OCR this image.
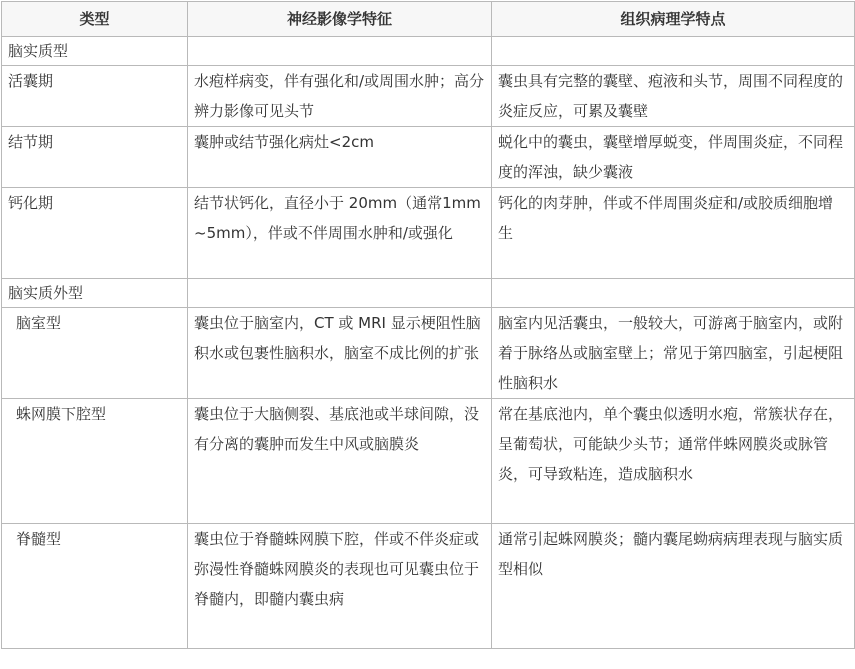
类型	神经影像学特征	组织病理学特点
脑实质型		
活囊期	水疱样病变，伴有强化和/或周围水肿；高分辨力影像可见头节	囊虫具有完整的囊壁、疱液和头节，周围不同程度的炎症反应，可累及囊壁
结节期	囊肿或结节强化病灶<2cm	蜕化中的囊虫，囊壁增厚蜕变，伴周围炎症，不同程度的浑浊，缺少囊液
钙化期	结节状钙化，直径小于 20mm（通常1mm~5mm），伴或不伴周围水肿和/或强化	钙化的肉芽肿，伴或不伴周围炎症和/或胶质细胞增生
脑实质外型		
脑室型	囊虫位于脑室内，CT 或 MRI 显示梗阻性脑积水或包裹性脑积水，脑室不成比例的扩张	脑室内见活囊虫，一般较大，可游离于脑室内，或附着于脉络丛或脑室壁上；常见于第四脑室，引起梗阻性脑积水
蛛网膜下腔型	囊虫位于大脑侧裂、基底池或半球间隙，没有分离的囊肿而发生中风或脑膜炎	常在基底池内，单个囊虫似透明水疱，常簇状存在，呈葡萄状，可能缺少头节；通常伴蛛网膜炎或脉管炎，可导致粘连，造成脑积水
脊髓型	囊虫位于脊髓蛛网膜下腔，伴或不伴炎症或弥漫性脊髓蛛网膜炎的表现也可见囊虫位于脊髓内，即髓内囊虫病	通常引起蛛网膜炎；髓内囊尾蚴病病理表现与脑实质型相似
